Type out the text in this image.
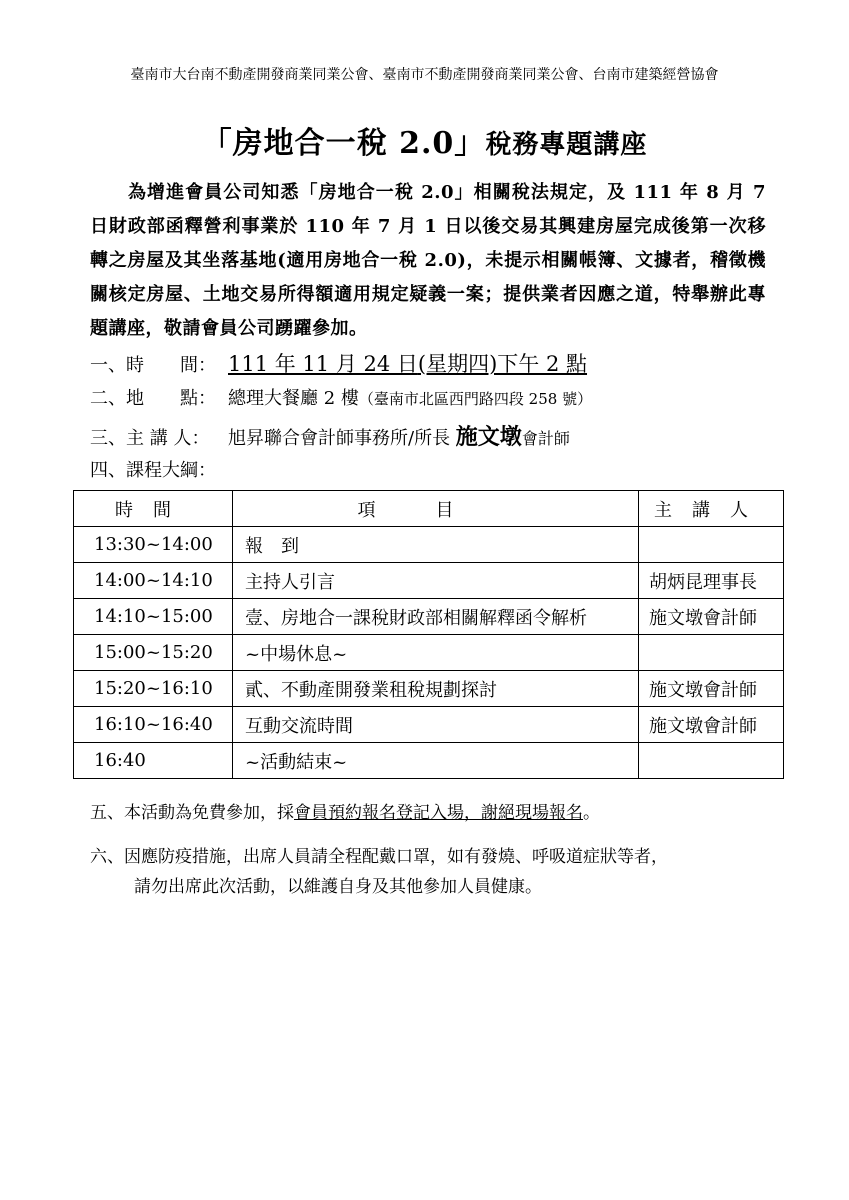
臺南市大台南不動產開發商業同業公會、臺南市不動產開發商業同業公會、台南市建築經營協會
「房地合一稅 2.0」稅務專題講座
為增進會員公司知悉「房地合一稅 2.0」相關稅法規定，及 111 年 8 月 7 日財政部函釋營利事業於 110 年 7 月 1 日以後交易其興建房屋完成後第一次移轉之房屋及其坐落基地(適用房地合一稅 2.0)，未提示相關帳簿、文據者，稽徵機關核定房屋、土地交易所得額適用規定疑義一案；提供業者因應之道，特舉辦此專題講座，敬請會員公司踴躍參加。
一、時　　間： 111 年 11 月 24 日(星期四)下午 2 點
二、地　　點： 總理大餐廳 2 樓（臺南市北區西門路四段 258 號）
三、主 講 人： 旭昇聯合會計師事務所/所長 施文墩會計師
四、課程大綱：
時間	項目	主講人
13:30~14:00	報　到	
14:00~14:10	主持人引言	胡炳昆理事長
14:10~15:00	壹、房地合一課稅財政部相關解釋函令解析	施文墩會計師
15:00~15:20	~中場休息~	
15:20~16:10	貳、不動產開發業租稅規劃探討	施文墩會計師
16:10~16:40	互動交流時間	施文墩會計師
16:40	~活動結束~	
五、本活動為免費參加，採會員預約報名登記入場，謝絕現場報名。
六、因應防疫措施，出席人員請全程配戴口罩，如有發燒、呼吸道症狀等者，
請勿出席此次活動，以維護自身及其他參加人員健康。
